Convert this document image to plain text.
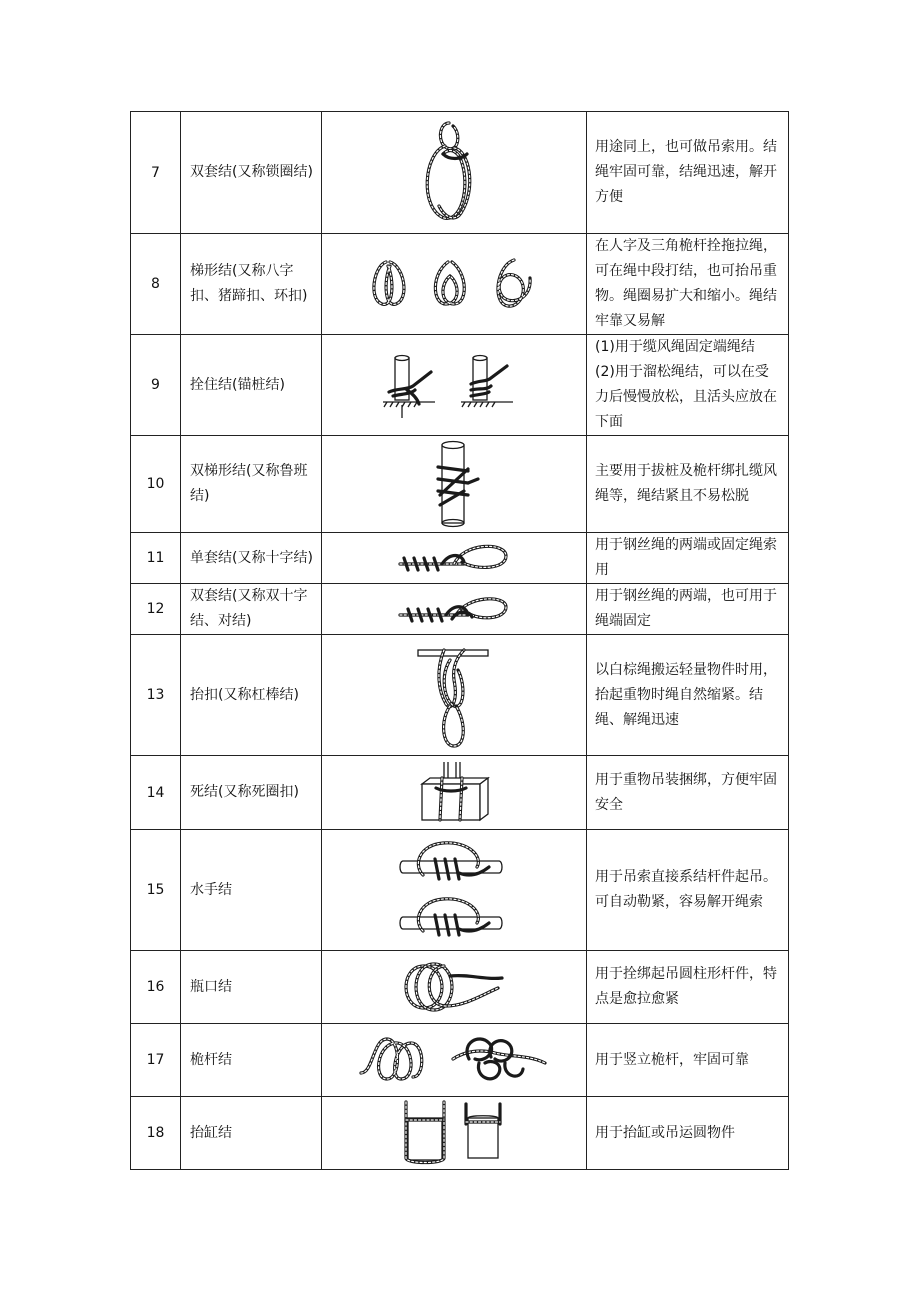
7	双套结(又称锁圈结)		用途同上，也可做吊索用。结绳牢固可靠，结绳迅速，解开方便
8	梯形结(又称八字扣、猪蹄扣、环扣)		在人字及三角桅杆拴拖拉绳，可在绳中段打结，也可抬吊重物。绳圈易扩大和缩小。绳结牢靠又易解
9	拴住结(锚桩结)		(1)用于缆风绳固定端绳结
(2)用于溜松绳结，可以在受力后慢慢放松，且活头应放在下面
10	双梯形结(又称鲁班结)		主要用于拔桩及桅杆绑扎缆风绳等，绳结紧且不易松脱
11	单套结(又称十字结)		用于钢丝绳的两端或固定绳索用
12	双套结(又称双十字结、对结)		用于钢丝绳的两端，也可用于绳端固定
13	抬扣(又称杠棒结)		以白棕绳搬运轻量物件时用，抬起重物时绳自然缩紧。结绳、解绳迅速
14	死结(又称死圈扣)		用于重物吊装捆绑，方便牢固安全
15	水手结		用于吊索直接系结杆件起吊。可自动勒紧，容易解开绳索
16	瓶口结		用于拴绑起吊圆柱形杆件，特点是愈拉愈紧
17	桅杆结		用于竖立桅杆，牢固可靠
18	抬缸结		用于抬缸或吊运圆物件
